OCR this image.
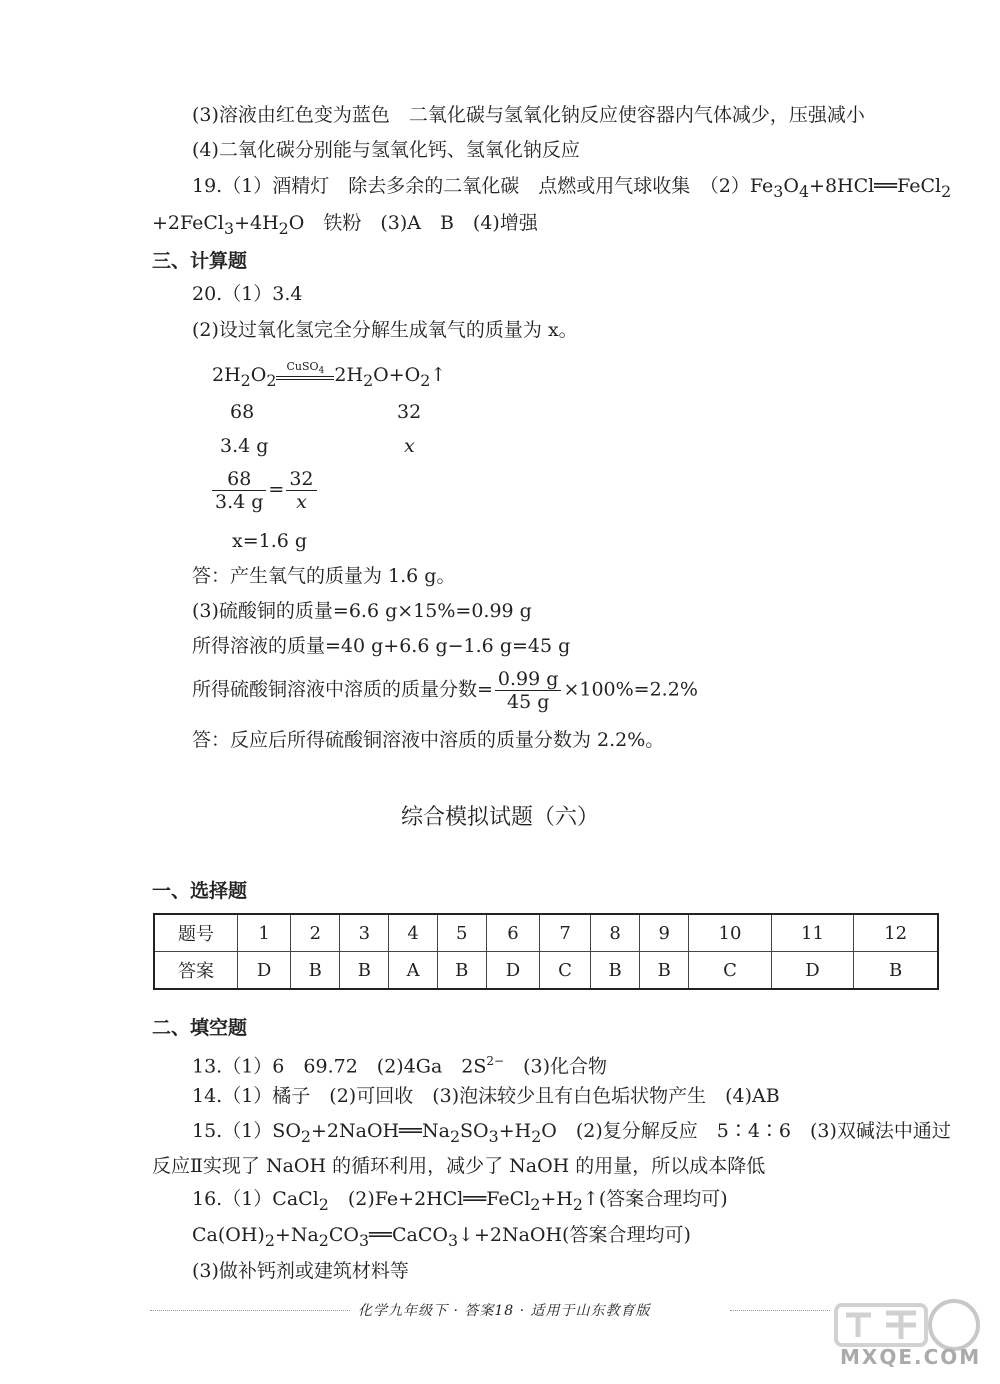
(3)溶液由红色变为蓝色　二氧化碳与氢氧化钠反应使容器内气体减少，压强减小
(4)二氧化碳分别能与氢氧化钙、氢氧化钠反应
19.（1）酒精灯　除去多余的二氧化碳　点燃或用气球收集　$(2)Fe_3O_4+8HCl══FeCl_2$
$+2FeCl_3+4H_2O$　铁粉　(3)A　B　(4)增强
三、计算题
20.（1）3.4
(2)设过氧化氢完全分解生成氧气的质量为 x。
$2H_2O_2$
CuSO$_4$ $2H_2O+O_2↑$
68	32
3.4 g	x
$\frac{68}{3.4 g} = \frac{32}{x}$
x=1.6 g
答：产生氧气的质量为 1.6 g。
(3)硫酸铜的质量=6.6 g×15%=0.99 g
所得溶液的质量=40 g+6.6 g−1.6 g=45 g
所得硫酸铜溶液中溶质的质量分数= $\frac{0.99 g}{45 g} \times 100\%=2.2\%$
答：反应后所得硫酸铜溶液中溶质的质量分数为 2.2%。
综合模拟试题（六）
一、选择题
题号	1	2	3	4	5	6	7	8	9	10	11	12
答案	D	B	B	A	B	D	C	B	B	C	D	B
二、填空题
13.（1）6　69.72　(2)4Ga　$2S^{2-}$　(3)化合物
14.（1）橘子　(2)可回收　(3)泡沫较少且有白色垢状物产生　(4)AB
$15.(1)SO_2+2NaOH══Na_2SO_3+H_2O$　(2)复分解反应　5∶4∶6　(3)双碱法中通过
反应Ⅱ实现了 NaOH 的循环利用，减少了 NaOH 的用量，所以成本降低
16.（1）CaCl$_2$　$(2)Fe+2HCl══FeCl_2+H_2↑$(答案合理均可)
$Ca(OH)_2+Na_2CO_3══CaCO_3↓+2NaOH$(答案合理均可)
(3)做补钙剂或建筑材料等
化学九年级下 · 答案18 · 适用于山东教育版
MXQE.COM
